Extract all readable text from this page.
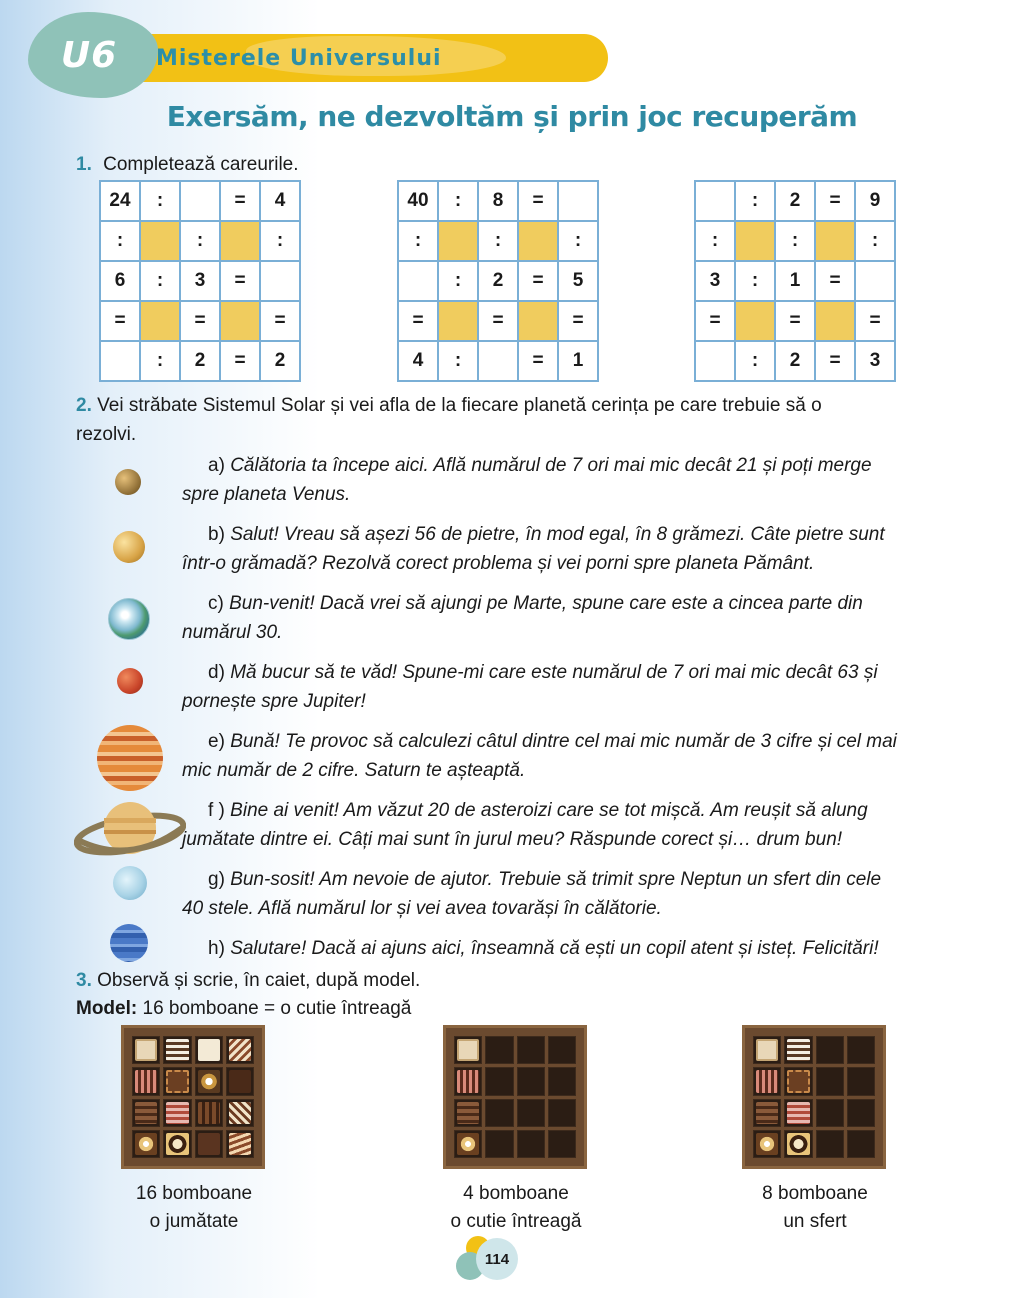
U6 Misterele Universului
Exersăm, ne dezvoltăm și prin joc recuperăm
1. Completează careurile.
24	:		=	4
:		:		:
6	:	3	=	
=		=		=
	:	2	=	2
40	:	8	=	
:		:		:
	:	2	=	5
=		=		=
4	:		=	1
	:	2	=	9
:		:		:
3	:	1	=	
=		=		=
	:	2	=	3
2. Vei străbate Sistemul Solar și vei afla de la fiecare planetă cerința pe care trebuie să o
rezolvi.
a) Călătoria ta începe aici. Află numărul de 7 ori mai mic decât 21 și poți merge
spre planeta Venus.
b) Salut! Vreau să așezi 56 de pietre, în mod egal, în 8 grămezi. Câte pietre sunt
într-o grămadă? Rezolvă corect problema și vei porni spre planeta Pământ.
c) Bun-venit! Dacă vrei să ajungi pe Marte, spune care este a cincea parte din
numărul 30.
d) Mă bucur să te văd! Spune-mi care este numărul de 7 ori mai mic decât 63 și
pornește spre Jupiter!
e) Bună! Te provoc să calculezi câtul dintre cel mai mic număr de 3 cifre și cel mai
mic număr de 2 cifre. Saturn te așteaptă.
f ) Bine ai venit! Am văzut 20 de asteroizi care se tot mișcă. Am reușit să alung
jumătate dintre ei. Câți mai sunt în jurul meu? Răspunde corect și… drum bun!
g) Bun-sosit! Am nevoie de ajutor. Trebuie să trimit spre Neptun un sfert din cele
40 stele. Află numărul lor și vei avea tovarăși în călătorie.
h) Salutare! Dacă ai ajuns aici, înseamnă că ești un copil atent și isteț. Felicitări!
3. Observă și scrie, în caiet, după model.
Model: 16 bomboane = o cutie întreagă
16 bomboane
o jumătate
4 bomboane
o cutie întreagă
8 bomboane
un sfert
114
